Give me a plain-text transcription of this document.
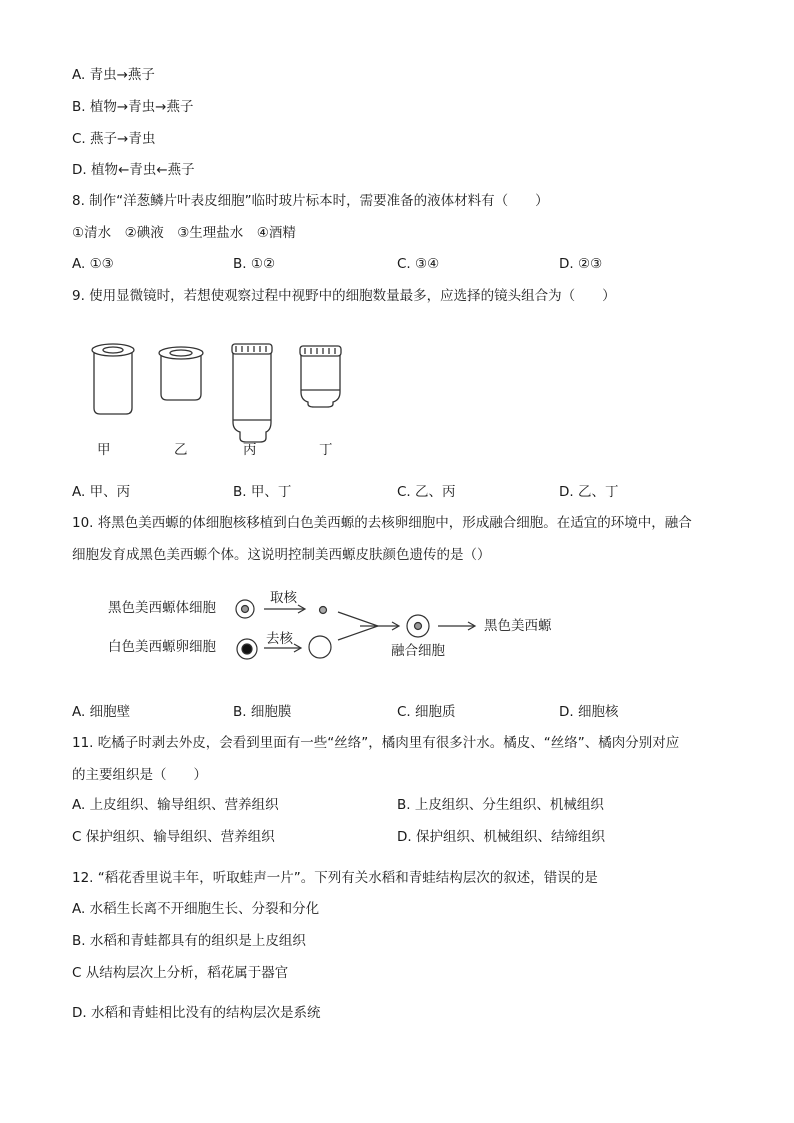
A. 青虫→燕子
B. 植物→青虫→燕子
C. 燕子→青虫
D. 植物←青虫←燕子
8. 制作“洋葱鳞片叶表皮细胞”临时玻片标本时，需要准备的液体材料有（　　）
①清水　②碘液　③生理盐水　④酒精
A. ①③	B. ①②	C. ③④	D. ②③
9. 使用显微镜时，若想使观察过程中视野中的细胞数量最多，应选择的镜头组合为（　　）
甲	乙	丙	丁
A. 甲、丙	B. 甲、丁	C. 乙、丙	D. 乙、丁
10. 将黑色美西螈的体细胞核移植到白色美西螈的去核卵细胞中，形成融合细胞。在适宜的环境中，融合
细胞发育成黑色美西螈个体。这说明控制美西螈皮肤颜色遗传的是（）
黑色美西螈体细胞
白色美西螈卵细胞
取核
去核
融合细胞
黑色美西螈
A. 细胞壁	B. 细胞膜	C. 细胞质	D. 细胞核
11. 吃橘子时剥去外皮，会看到里面有一些“丝络”，橘肉里有很多汁水。橘皮、“丝络”、橘肉分别对应
的主要组织是（　　）
A. 上皮组织、输导组织、营养组织	B. 上皮组织、分生组织、机械组织
C 保护组织、输导组织、营养组织	D. 保护组织、机械组织、结缔组织
12. “稻花香里说丰年，听取蛙声一片”。下列有关水稻和青蛙结构层次的叙述，错误的是
A. 水稻生长离不开细胞生长、分裂和分化
B. 水稻和青蛙都具有的组织是上皮组织
C 从结构层次上分析，稻花属于器官
D. 水稻和青蛙相比没有的结构层次是系统
